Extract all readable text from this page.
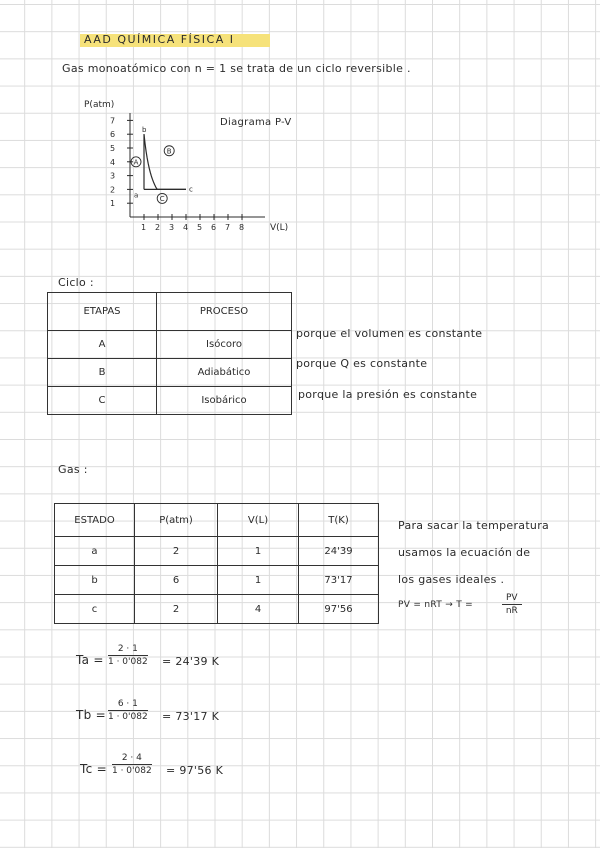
AAD QUÍMICA FÍSICA I
Gas monoatómico con n = 1 se trata de un ciclo reversible .
P(atm)
V(L)
7
6
5
4
3
2
1
1 2 3 4 5 6 7 8
a
b
c
A
B
C
Diagrama P-V
Ciclo :
ETAPAS	PROCESO
A	Isócoro
B	Adiabático
C	Isobárico
porque el volumen es constante
porque Q es constante
porque la presión es constante
Gas :
ESTADO	P(atm)	V(L)	T(K)
a	2	1	24'39
b	6	1	73'17
c	2	4	97'56
Para sacar la temperatura
usamos la ecuación de
los gases ideales .
PV = nRT → T =	$\frac{PV}{nR}$
$Ta = \frac{2 \cdot 1}{1 \cdot 0'082} = 24'39$ K
$Tb = \frac{6 \cdot 1}{1 \cdot 0'082} = 73'17$ K
$Tc = \frac{2 \cdot 4}{1 \cdot 0'082} = 97'56$ K
